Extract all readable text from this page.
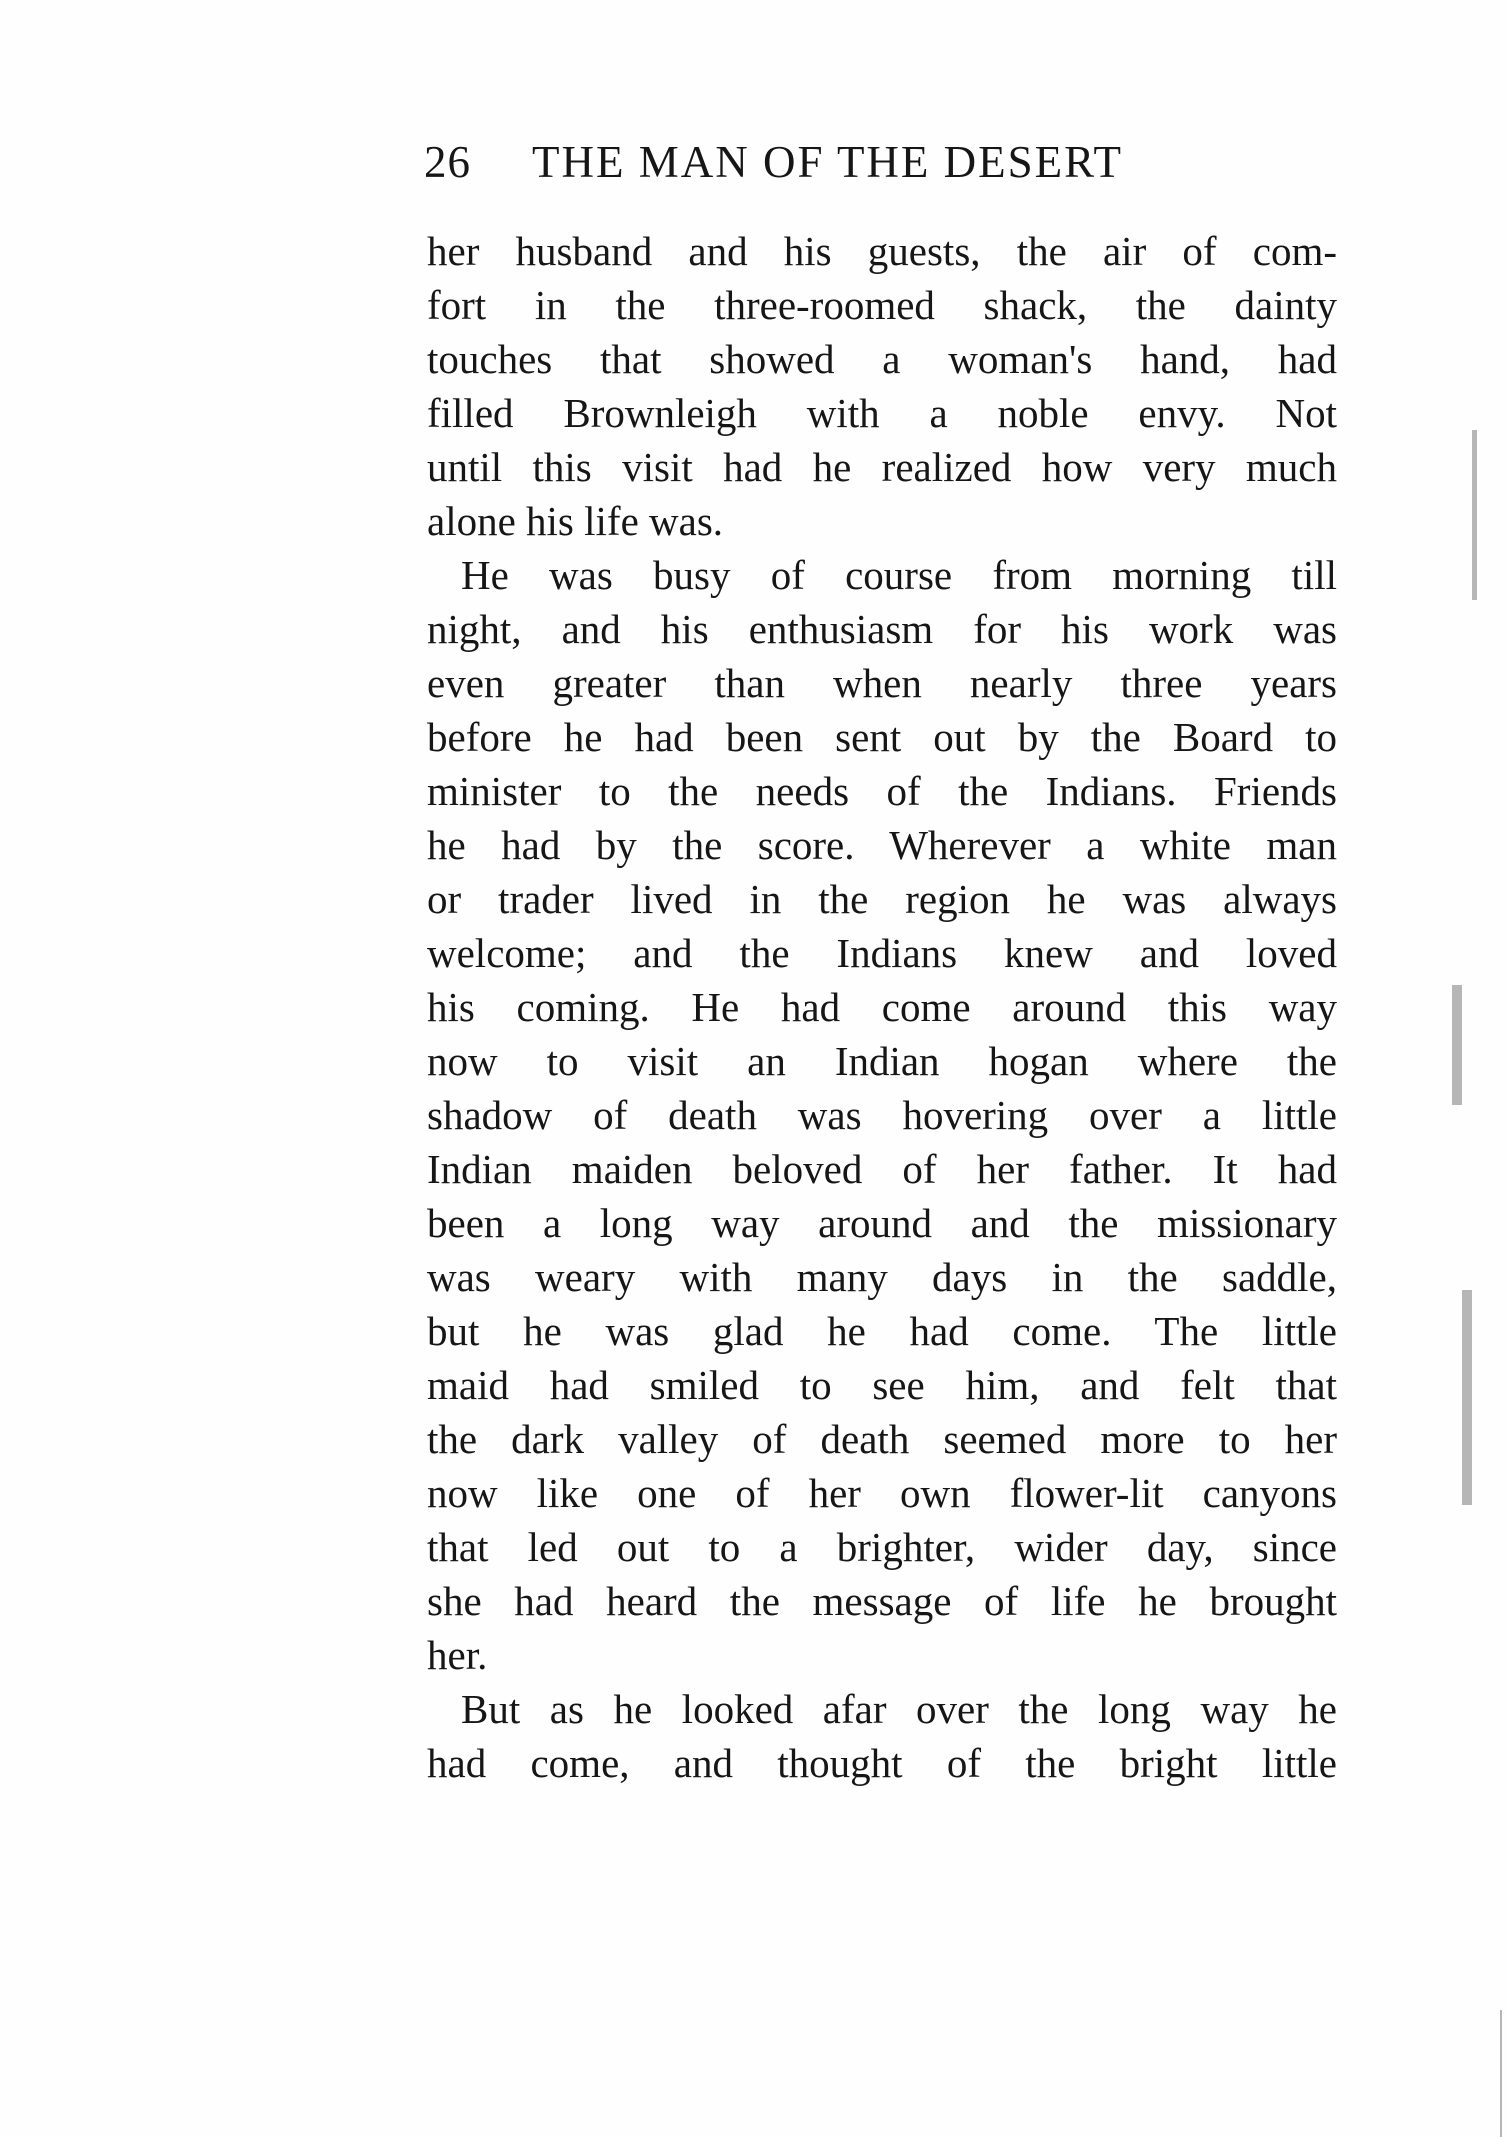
26 THE MAN OF THE DESERT
her husband and his guests, the air of com-
fort in the three-roomed shack, the dainty
touches that showed a woman's hand, had
filled Brownleigh with a noble envy. Not
until this visit had he realized how very much
alone his life was.
He was busy of course from morning till
night, and his enthusiasm for his work was
even greater than when nearly three years
before he had been sent out by the Board to
minister to the needs of the Indians. Friends
he had by the score. Wherever a white man
or trader lived in the region he was always
welcome; and the Indians knew and loved
his coming. He had come around this way
now to visit an Indian hogan where the
shadow of death was hovering over a little
Indian maiden beloved of her father. It had
been a long way around and the missionary
was weary with many days in the saddle,
but he was glad he had come. The little
maid had smiled to see him, and felt that
the dark valley of death seemed more to her
now like one of her own flower-lit canyons
that led out to a brighter, wider day, since
she had heard the message of life he brought
her.
But as he looked afar over the long way he
had come, and thought of the bright little
